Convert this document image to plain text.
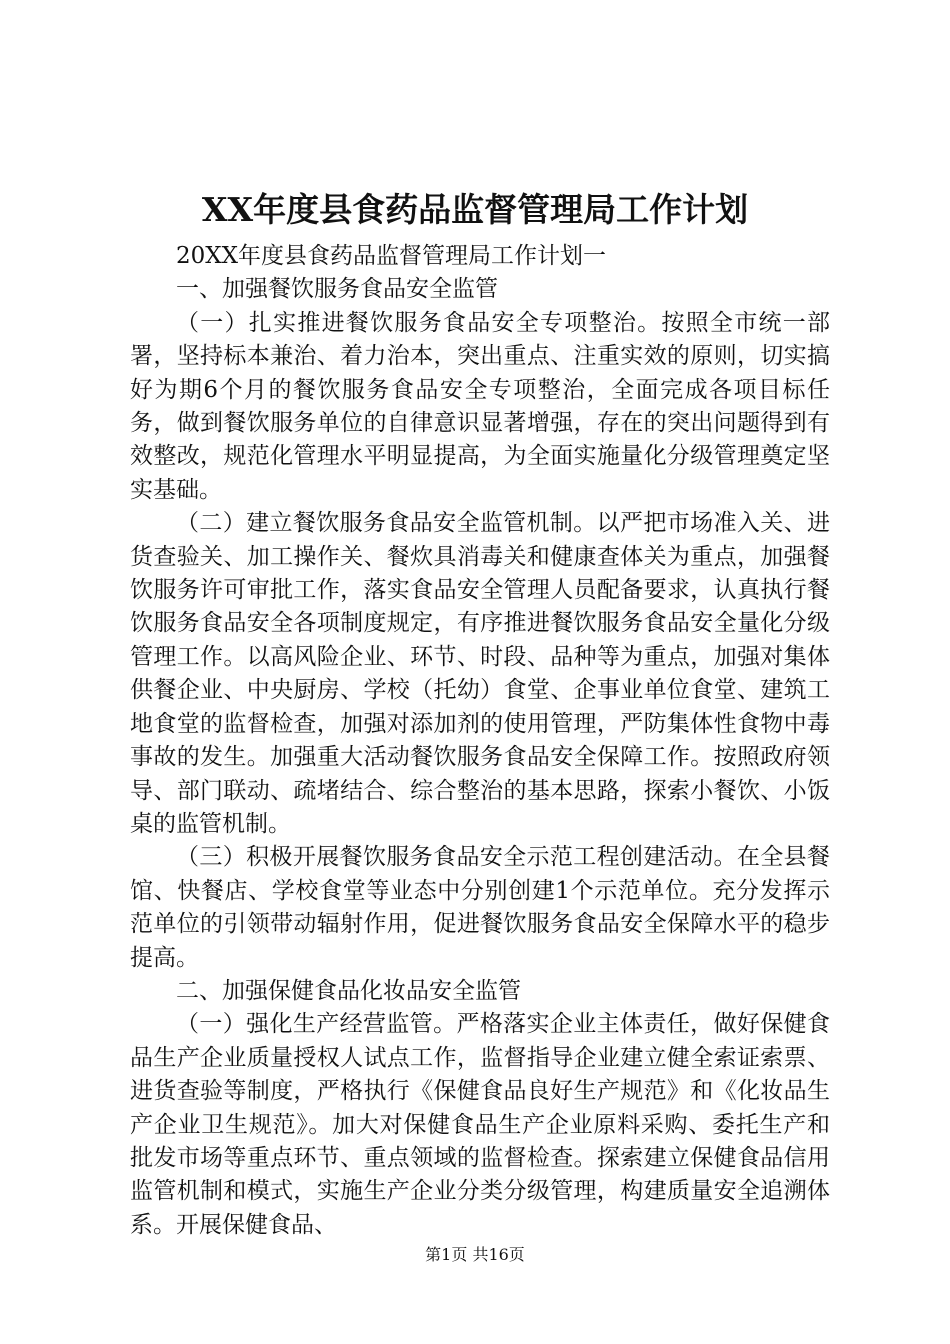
XX年度县食药品监督管理局工作计划

20XX年度县食药品监督管理局工作计划一

一、加强餐饮服务食品安全监管

（一）扎实推进餐饮服务食品安全专项整治。按照全市统一部署，坚持标本兼治、着力治本，突出重点、注重实效的原则，切实搞好为期6个月的餐饮服务食品安全专项整治，全面完成各项目标任务，做到餐饮服务单位的自律意识显著增强，存在的突出问题得到有效整改，规范化管理水平明显提高，为全面实施量化分级管理奠定坚实基础。

（二）建立餐饮服务食品安全监管机制。以严把市场准入关、进货查验关、加工操作关、餐炊具消毒关和健康查体关为重点，加强餐饮服务许可审批工作，落实食品安全管理人员配备要求，认真执行餐饮服务食品安全各项制度规定，有序推进餐饮服务食品安全量化分级管理工作。以高风险企业、环节、时段、品种等为重点，加强对集体供餐企业、中央厨房、学校（托幼）食堂、企事业单位食堂、建筑工地食堂的监督检查，加强对添加剂的使用管理，严防集体性食物中毒事故的发生。加强重大活动餐饮服务食品安全保障工作。按照政府领导、部门联动、疏堵结合、综合整治的基本思路，探索小餐饮、小饭桌的监管机制。

（三）积极开展餐饮服务食品安全示范工程创建活动。在全县餐馆、快餐店、学校食堂等业态中分别创建1个示范单位。充分发挥示范单位的引领带动辐射作用，促进餐饮服务食品安全保障水平的稳步提高。

二、加强保健食品化妆品安全监管

（一）强化生产经营监管。严格落实企业主体责任，做好保健食品生产企业质量授权人试点工作，监督指导企业建立健全索证索票、进货查验等制度，严格执行《保健食品良好生产规范》和《化妆品生产企业卫生规范》。加大对保健食品生产企业原料采购、委托生产和批发市场等重点环节、重点领域的监督检查。探索建立保健食品信用监管机制和模式，实施生产企业分类分级管理，构建质量安全追溯体系。开展保健食品、

第1页 共16页
